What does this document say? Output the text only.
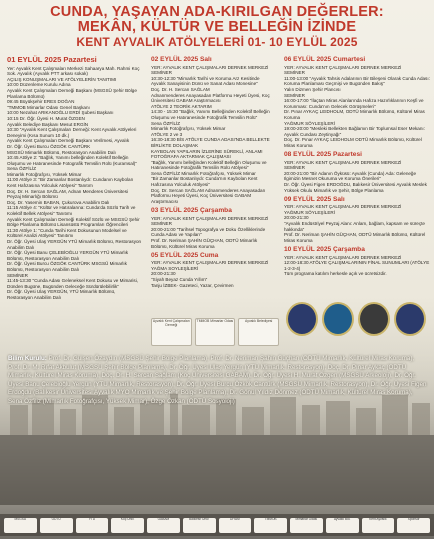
CUNDA, YAŞAYAN ADA-KIRILGAN DEĞERLER:
MEKÂN, KÜLTÜR VE BELLEĞİN İZİNDE
KENT AYVALIK ATÖLYELERİ 01- 10 EYLÜL 2025
01 EYLÜL 2025 Pazartesi
Yer: Ayvalık Kent Çalışmaları Merkezi Sahaarya Mah. Rahmi Koç Sok. Ayvalık (Ayvalık PTT arkası sokak)
AÇILIŞ KONUŞMALARI VE ATÖLYELERİN TANITIMI
10:00 Düzenleme Kurulu Adına
Ayvalık Kent Çalışmaları Derneği Başkanı (MSGSÜ Şehir Bölge Planlama Bölümü)
09:45 Büyükşehir ERES DOĞAN
"TMMOB Mimarlar Odası Genel Başkanı
10:00 Nezahat ARIKANOĞLU ERDİ Şubesi Başkanı
10:15 Dr. Öğr. Üyesi H. Murat ÖZGEN
Ayvalık Belediye Başkanı Mesut ERGİN
10:30 "Ayvalık Kent Çalışmaları Derneği: Kent Ayvalık Atölyeleri Deneyimi (Kısa Sunum 10 dk.)
Ayvalık Kent Çalışmaları Derneği Başkanı Verilmesi, Ayvalık
Dr. Öğr. Üyesi Burcu ÖZGÖK CANTÜRK
MSGSÜ Mimarlık Bölümü, Restorasyon Anabilim Dalı
10:45 Atölye 2: "Bağlık, Yanımı belleğinden Kolektif Belleğin Oluşumu ve Hatıranesinde Fotografik Temsilin Rolü (Kuramsal)"
Sena ÖZFİLİZ
Mimarlık Fotoğrafçısı, Yüksek Mimar
11:00 Atölye 3: "Bir Zamanlar Bostanlıydı: Cundanın Kaybolan Kent Hafızasına Yolculuk Atölyesi" Tanıtım
Doç. Dr. H. Sercan SAĞLAM, Adnan Menderes Üniversitesi Peyzaj Mimarlığı Bölümü
Doç. Dr. Yasemin BABAN, Çukurova Anabilim Dalı
11:15 Atölye 4: "Kültür ve Hatıralarına: Cunda'da Sözlü Tarih ve Kolektif Bellek Atölyesi" Tanıtımı
Ayvalık Kent Çalışmaları Derneği Kolektif Sözlü ve MSGSÜ Şehir Bölge Planlama Bölümü Lisansüstü Programları Öğrencileri
11:30 Atölye 1: "Cunda Tarihi Kent Dokusunun Modelsel ve Kültürel Analizi Atölyesi" Tanıtımı
Dr. Öğr. Üyesi Ulaş YERGÜN YTÜ Mimarlık Bölümü, Restorasyon Anabilim Dalı
Dr. Öğr. Üyesi Banu ÇELEBİOĞLU YERGÜN YTÜ Mimarlık Bölümü, Restorasyon Anabilim Dalı
Dr. Öğr. Üyesi Burcu ÖZGÖK CANTÜRK MSGSÜ Mimarlık Bölümü, Restorasyon Anabilim Dalı
SEMİNER
11:45-13:30 "Cunda Adası Geleneksel Kent Dokusu ve Mimarisi, Dünden Bugüne, Bugünden Geleceğe Sürdürülebilirlik"
Dr. Öğr. Üyesi Ulaş YERGÜN, YTÜ Mimarlık Bölümü, Restorasyon Anabilim Dalı
02 EYLÜL 2025 Salı
YER: AYVALIK KENT ÇALIŞMALARI DERNEK MERKEZİ
SEMİNER
10:30-12:30 "Mimarlık Tarihi ve Koruma Arz Kesitinde Ayvalık Sanayisinin Dünü ve Sanat Adası Monesine"
Doç. Dr. H. Sercan SAĞLAM
Adnanmenderes Anayasadan Platformu Heyeti Üyesi, Koç Üniversitesi GABAM Araştırmacısı
ATÖLYE 2 TEORİK AKTARIM
14:30 - 15:30 "Bağlık, Yanımı Belleğinden Kolektif Belleğin Oluşumu ve Hatıranesinde Fotoğrafik Temsilin Rolü"
Sena ÖZFİLİZ
Mimarlık Fotoğrafçısı, Yüksek Mimar
ATÖLYE 2 ve 3
16:30-18:30 BİS ATÖLYE CUNDA ADASI'NDA BELLEKTE BİRLİKTE DOLAŞMAK
KAYBOLAN YAPILARIN İZLERİNE SÜREKLİ, ANLAMI FOTOĞRAFA AKTARMAK ÇALIŞMASI
"Bağlık, Yanımı belleğinden Kolektif Belleğin Oluşumu ve Hatıranesinde Fotoğrafik Temsilin Rolü Atölyesi"
Sena ÖZFİLİZ Mimarlık Fotoğrafçısı, Yüksek Mimar
"Bir Zamanlar Bostanlıydı: Cunda'nın Kaybolan Kent Hafızasına Yolculuk Atölyesi"
Doç. Dr. Sercan SAĞLAM Adnanmenderes Anayasadan Platformu Heyeti Üyesi, Koç Üniversitesi GABAM Araştırmacısı
03 EYLÜL 2025 Çarşamba
YER: AYVALIK KENT ÇALIŞMALARI DERNEK MERKEZİ
SEMİNER
20:00-21:00 "Tarihsel Topografya ve Doku Özelliklerinde Cunda Adası ve Yapıları"
Prof. Dr. Neriman ŞAHİN GÜÇHAN, ODTÜ Mimarlık Bölümü, Kültürel Miras Koruma
05 EYLÜL 2025 Cuma
YER: AYVALIK KENT ÇALIŞMALARI DERNEK MERKEZİ
YAĞMA SOYLEŞİLERİ
20:00-21:30
"Siyah Beyaz Cunda Yıllım"
Tanju İZBEK- Gazeteci, Yazar, Çevirmen
06 EYLÜL 2025 Cumartesi
YER: AYVALIK KENT ÇALIŞMALARI DERNEK MERKEZİ
SEMİNER
11:00-13:00 "Ayvalık Tahsis Adalarının Bir Bileşeni Olarak Cunda Adası: Koruma Planlaması Geçmişi ve Bugünden Bakış"
Yalın Dizmen Şehir Plancısı
SEMİNER
16:00-17:00 "İlaçtan Miras Alanlarında Hafıza Hazırlıklarının Keşfi ve Korunması: Cunda'nın Gelecek Görüşmeleri"
Dr. Pınar AYKAÇ LEIDHOLM, ODTÜ Mimarlık Bölümü, Kültürel Miras Koruma
YAĞMUR SÖYLEŞİLERİ
19:00-20:00 "Mesleki Bellekten Bağlamın Bir Toplumsal Eser Mekanı: Ayvalık Cundası Zeytinyağı"
Doç. Dr. Pınar AYKAÇ LEIDHOLM ODTÜ Mimarlık Bölümü, Kültürel Miras Koruma
08 EYLÜL 2025 Pazartesi
YER: AYVALIK KENT ÇALIŞMALARI DERNEK MERKEZİ
SEMİNER
20:00-21:00 "Bir Adanın Öyküsü: Ayvalık (Cunda) Ada: Geleneğe Ilgimizin Mesnet Okuruma ve Koruma Önerileri"
Dr. Öğr. Üyesi Figen ERDOĞDU, Balıkesir Üniversitesi Ayvalık Meslek Yüksek Okulu Mimarlık ve Şehir, Bölge Planlama
09 EYLÜL 2025 Salı
YER: AYVALIK KENT ÇALIŞMALARI DERNEK MERKEZİ
YAĞMUR SÖYLEŞİLERİ
20:00-21:30
"Ayvalık Endüstriyel Peyzaj Alanı: Anlam, bağlam, kapsam ve süreçte hakkında"
Prof. Dr. Neriman ŞAHİN GÜÇHAN, ODTÜ Mimarlık Bölümü, Kültürel Miras Koruma
10 EYLÜL 2025 Çarşamba
YER: AYVALIK KENT ÇALIŞMALARI DERNEK MERKEZİ
12:00-18:30 ATÖLYE ÇALIŞMALARININ FİNAL SUNUMLARI (ATÖLYE 1-2-3-4)
Tüm programa katılım herkesle açık ve ücretsizdir.
Ayvalık Kent Çalışmaları Derneği
TMMOB Mimarlar Odası	Ayvalık Belediyesi
Bilim Kurulu: Prof. Dr. Gülşen Özaydın (MSGSÜ Şehir Bölge Planlama), Prof. Dr. Neriman Şahin Güçhan (ODTÜ Mimarlık, Kültürel Miras Koruma), Prof. Dr. M. Rıfat Akbulut (MSGSÜ Şehir Bölge Planlama), Dr. Öğr. Üyesi Ulaş Yergün (YTÜ Mimarlık, Restorasyon), Doç. Dr. Pınar Aykaç (ODTÜ Mimarlık, Kültürel Miras Koruma), Doç. Dr. H. Sercan Sağlam (Koç Üniversitesi GABAM), Dr. Öğr. Üyesi H. Murat Özgen (MSGSÜ Arkeoloji), Dr. Öğr. Üyesi Banu Çelebioğlu Yergün (YTÜ Mimarlık, Restorasyon), Dr. Öğr. Üyesi Burcu Özkök Cantürk (MSGSÜ Mimarlık, Restorasyon), Dr. Öğr. Üyesi Figen Erdoğdu (Balıkesir Üniversitesi Ayvalık MYO Mimarlık ve Şehir Bölge Planlama), Dr. Gönül Yıldız Dönmez (ODTÜ Mimarlık, Kültürel Miras Koruma), Sena Özfiliz (Mimarlık Fotoğrafçısı, Yüksek Mimar), Özge Özkan (ODTÜ Sosyoloji)
MSGSÜ	ODTÜ	YTÜ	Koç Üniv.	GABAM	Balıkesir Üniv.	DİYAM	TMMOB	Mimarlar Odası	Ayvalık Bld.	Kent Ayvalık	Sponsor
